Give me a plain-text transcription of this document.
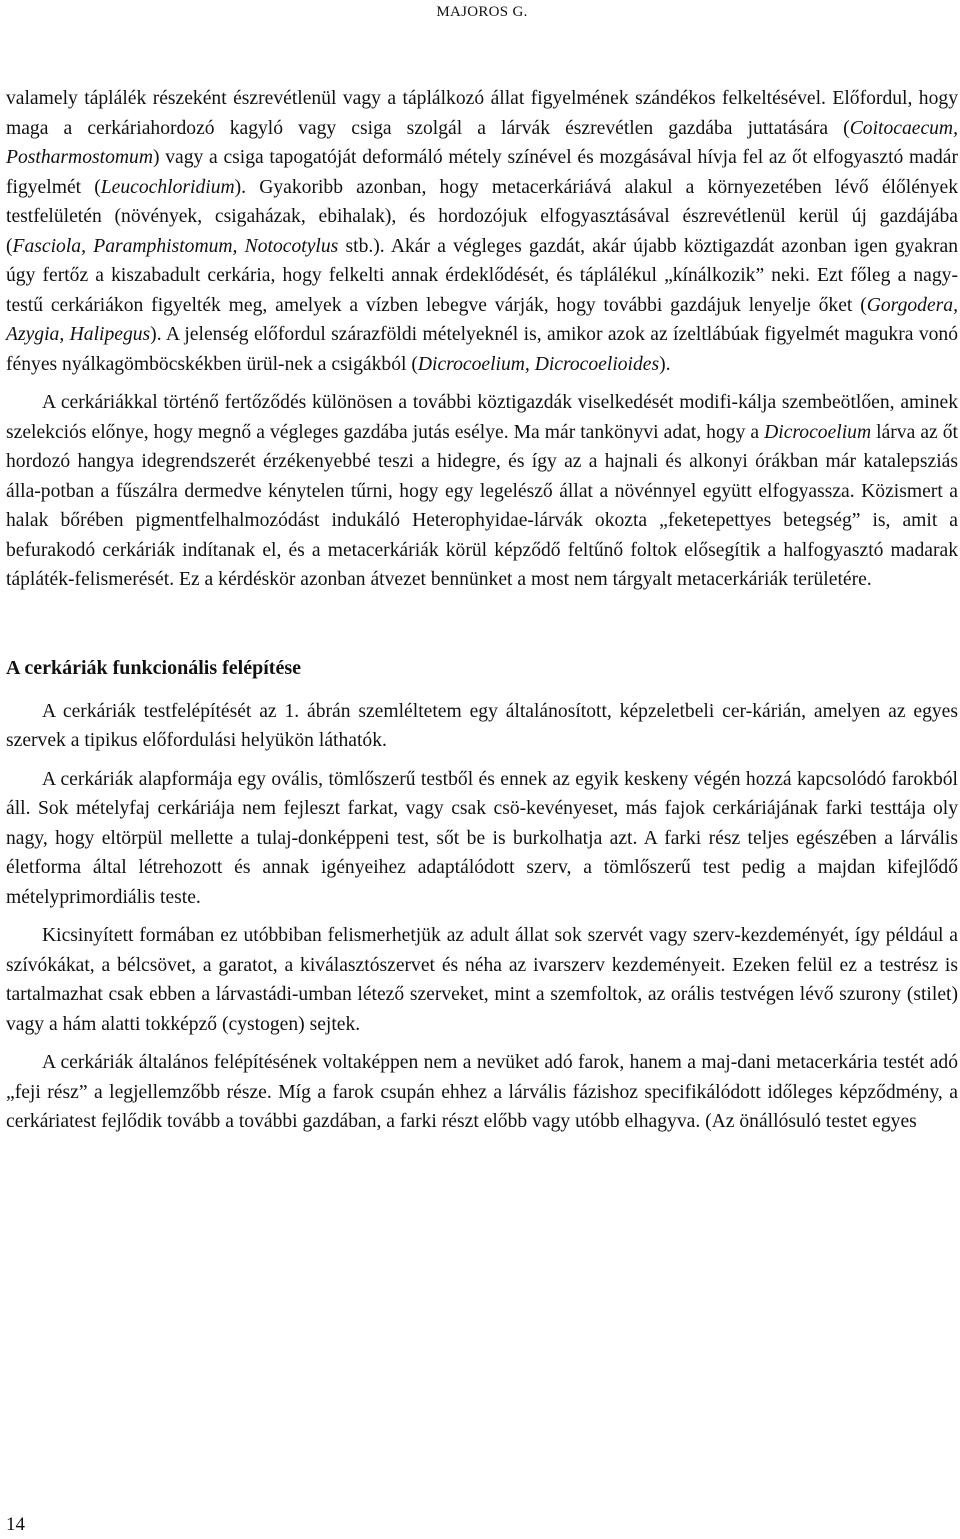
MAJOROS G.

valamely táplálék részeként észrevétlenül vagy a táplálkozó állat figyelmének szándékos felkeltésével. Előfordul, hogy maga a cerkáriahordozó kagyló vagy csiga szolgál a lárvák észrevétlen gazdába juttatására (Coitocaecum, Postharmostomum) vagy a csiga tapogatóját deformáló métely színével és mozgásával hívja fel az őt elfogyasztó madár figyelmét (Leucochloridium). Gyakoribb azonban, hogy metacerkáriává alakul a környezetében lévő élőlények testfelületén (növények, csigaházak, ebihalak), és hordozójuk elfogyasztásával észrevétlenül kerül új gazdájába (Fasciola, Paramphistomum, Notocotylus stb.). Akár a végleges gazdát, akár újabb köztigazdát azonban igen gyakran úgy fertőz a kiszabadult cerkária, hogy felkelti annak érdeklődését, és táplálékul „kínálkozik” neki. Ezt főleg a nagy-testű cerkáriákon figyelték meg, amelyek a vízben lebegve várják, hogy további gazdájuk lenyelje őket (Gorgodera, Azygia, Halipegus). A jelenség előfordul szárazföldi mételyeknél is, amikor azok az ízeltlábúak figyelmét magukra vonó fényes nyálkagömböcskékben ürül-nek a csigákból (Dicrocoelium, Dicrocoelioides).

A cerkáriákkal történő fertőződés különösen a további köztigazdák viselkedését modifi-kálja szembeötlően, aminek szelekciós előnye, hogy megnő a végleges gazdába jutás esélye. Ma már tankönyvi adat, hogy a Dicrocoelium lárva az őt hordozó hangya idegrendszerét érzékenyebbé teszi a hidegre, és így az a hajnali és alkonyi órákban már katalepsziás álla-potban a fűszálra dermedve kénytelen tűrni, hogy egy legelésző állat a növénnyel együtt elfogyassza. Közismert a halak bőrében pigmentfelhalmozódást indukáló Heterophyidae-lárvák okozta „feketepettyes betegség” is, amit a befurakodó cerkáriák indítanak el, és a metacerkáriák körül képződő feltűnő foltok elősegítik a halfogyasztó madarak tápláték-felismerését. Ez a kérdéskör azonban átvezet bennünket a most nem tárgyalt metacerkáriák területére.

A cerkáriák funkcionális felépítése

A cerkáriák testfelépítését az 1. ábrán szemléltetem egy általánosított, képzeletbeli cer-kárián, amelyen az egyes szervek a tipikus előfordulási helyükön láthatók.

A cerkáriák alapformája egy ovális, tömlőszerű testből és ennek az egyik keskeny végén hozzá kapcsolódó farokból áll. Sok mételyfaj cerkáriája nem fejleszt farkat, vagy csak csö-kevényeset, más fajok cerkáriájának farki testtája oly nagy, hogy eltörpül mellette a tulaj-donképpeni test, sőt be is burkolhatja azt. A farki rész teljes egészében a lárvális életforma által létrehozott és annak igényeihez adaptálódott szerv, a tömlőszerű test pedig a majdan kifejlődő mételyprimordiális teste.

Kicsinyített formában ez utóbbiban felismerhetjük az adult állat sok szervét vagy szerv-kezdeményét, így például a szívókákat, a bélcsövet, a garatot, a kiválasztószervet és néha az ivarszerv kezdeményeit. Ezeken felül ez a testrész is tartalmazhat csak ebben a lárvastádi-umban létező szerveket, mint a szemfoltok, az orális testvégen lévő szurony (stilet) vagy a hám alatti tokképző (cystogen) sejtek.

A cerkáriák általános felépítésének voltaképpen nem a nevüket adó farok, hanem a maj-dani metacerkária testét adó „feji rész” a legjellemzőbb része. Míg a farok csupán ehhez a lárvális fázishoz specifikálódott időleges képződmény, a cerkáriatest fejlődik tovább a további gazdában, a farki részt előbb vagy utóbb elhagyva. (Az önállósuló testet egyes

14
